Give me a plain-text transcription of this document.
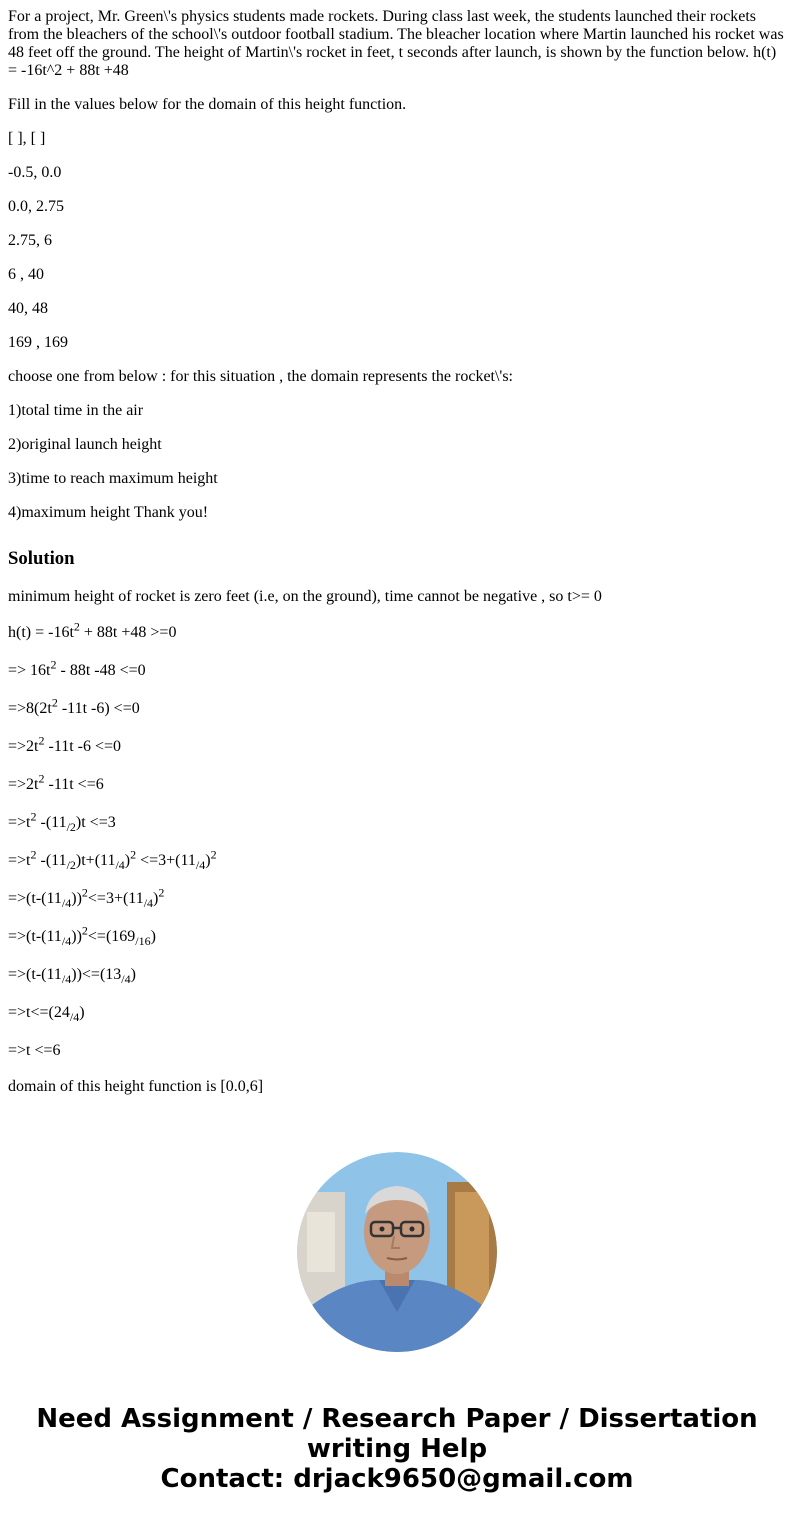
For a project, Mr. Green\'s physics students made rockets. During class last week, the students launched their rockets from the bleachers of the school\'s outdoor football stadium. The bleacher location where Martin launched his rocket was 48 feet off the ground. The height of Martin\'s rocket in feet, t seconds after launch, is shown by the function below. h(t) = -16t^2 + 88t +48

Fill in the values below for the domain of this height function.

[ ], [ ]

-0.5, 0.0

0.0, 2.75

2.75, 6

6 , 40

40, 48

169 , 169

choose one from below : for this situation , the domain represents the rocket\'s:

1)total time in the air

2)original launch height

3)time to reach maximum height

4)maximum height Thank you!

Solution

minimum height of rocket is zero feet (i.e, on the ground), time cannot be negative , so t>= 0

$h(t) = -16t^2 + 88t +48 >=0$

=> $16t^2 - 88t$ -48 <=0

$=>8(2t^2$ -11t -6) <=0

$=>2t^2$ -11t -6 <=0

$=>2t^2$ -11t <=6

$=>t^2$ $-(11_{/2})t <=3$

$=>t^2$ $-(11_{/2})t+(11_{/4})^2 <=3+(11_{/4})^2$

$=>(t-(11_{/4}))^2<=3+(11_{/4})^2$

$=>(t-(11_{/4}))^2<=(169_{/16})$

$=>(t-(11_{/4}))<=(13_{/4})$

$=>t<=(24_{/4})$

=>t <=6

domain of this height function is [0.0,6]

Need Assignment / Research Paper / Dissertation
writing Help
Contact: drjack9650@gmail.com
